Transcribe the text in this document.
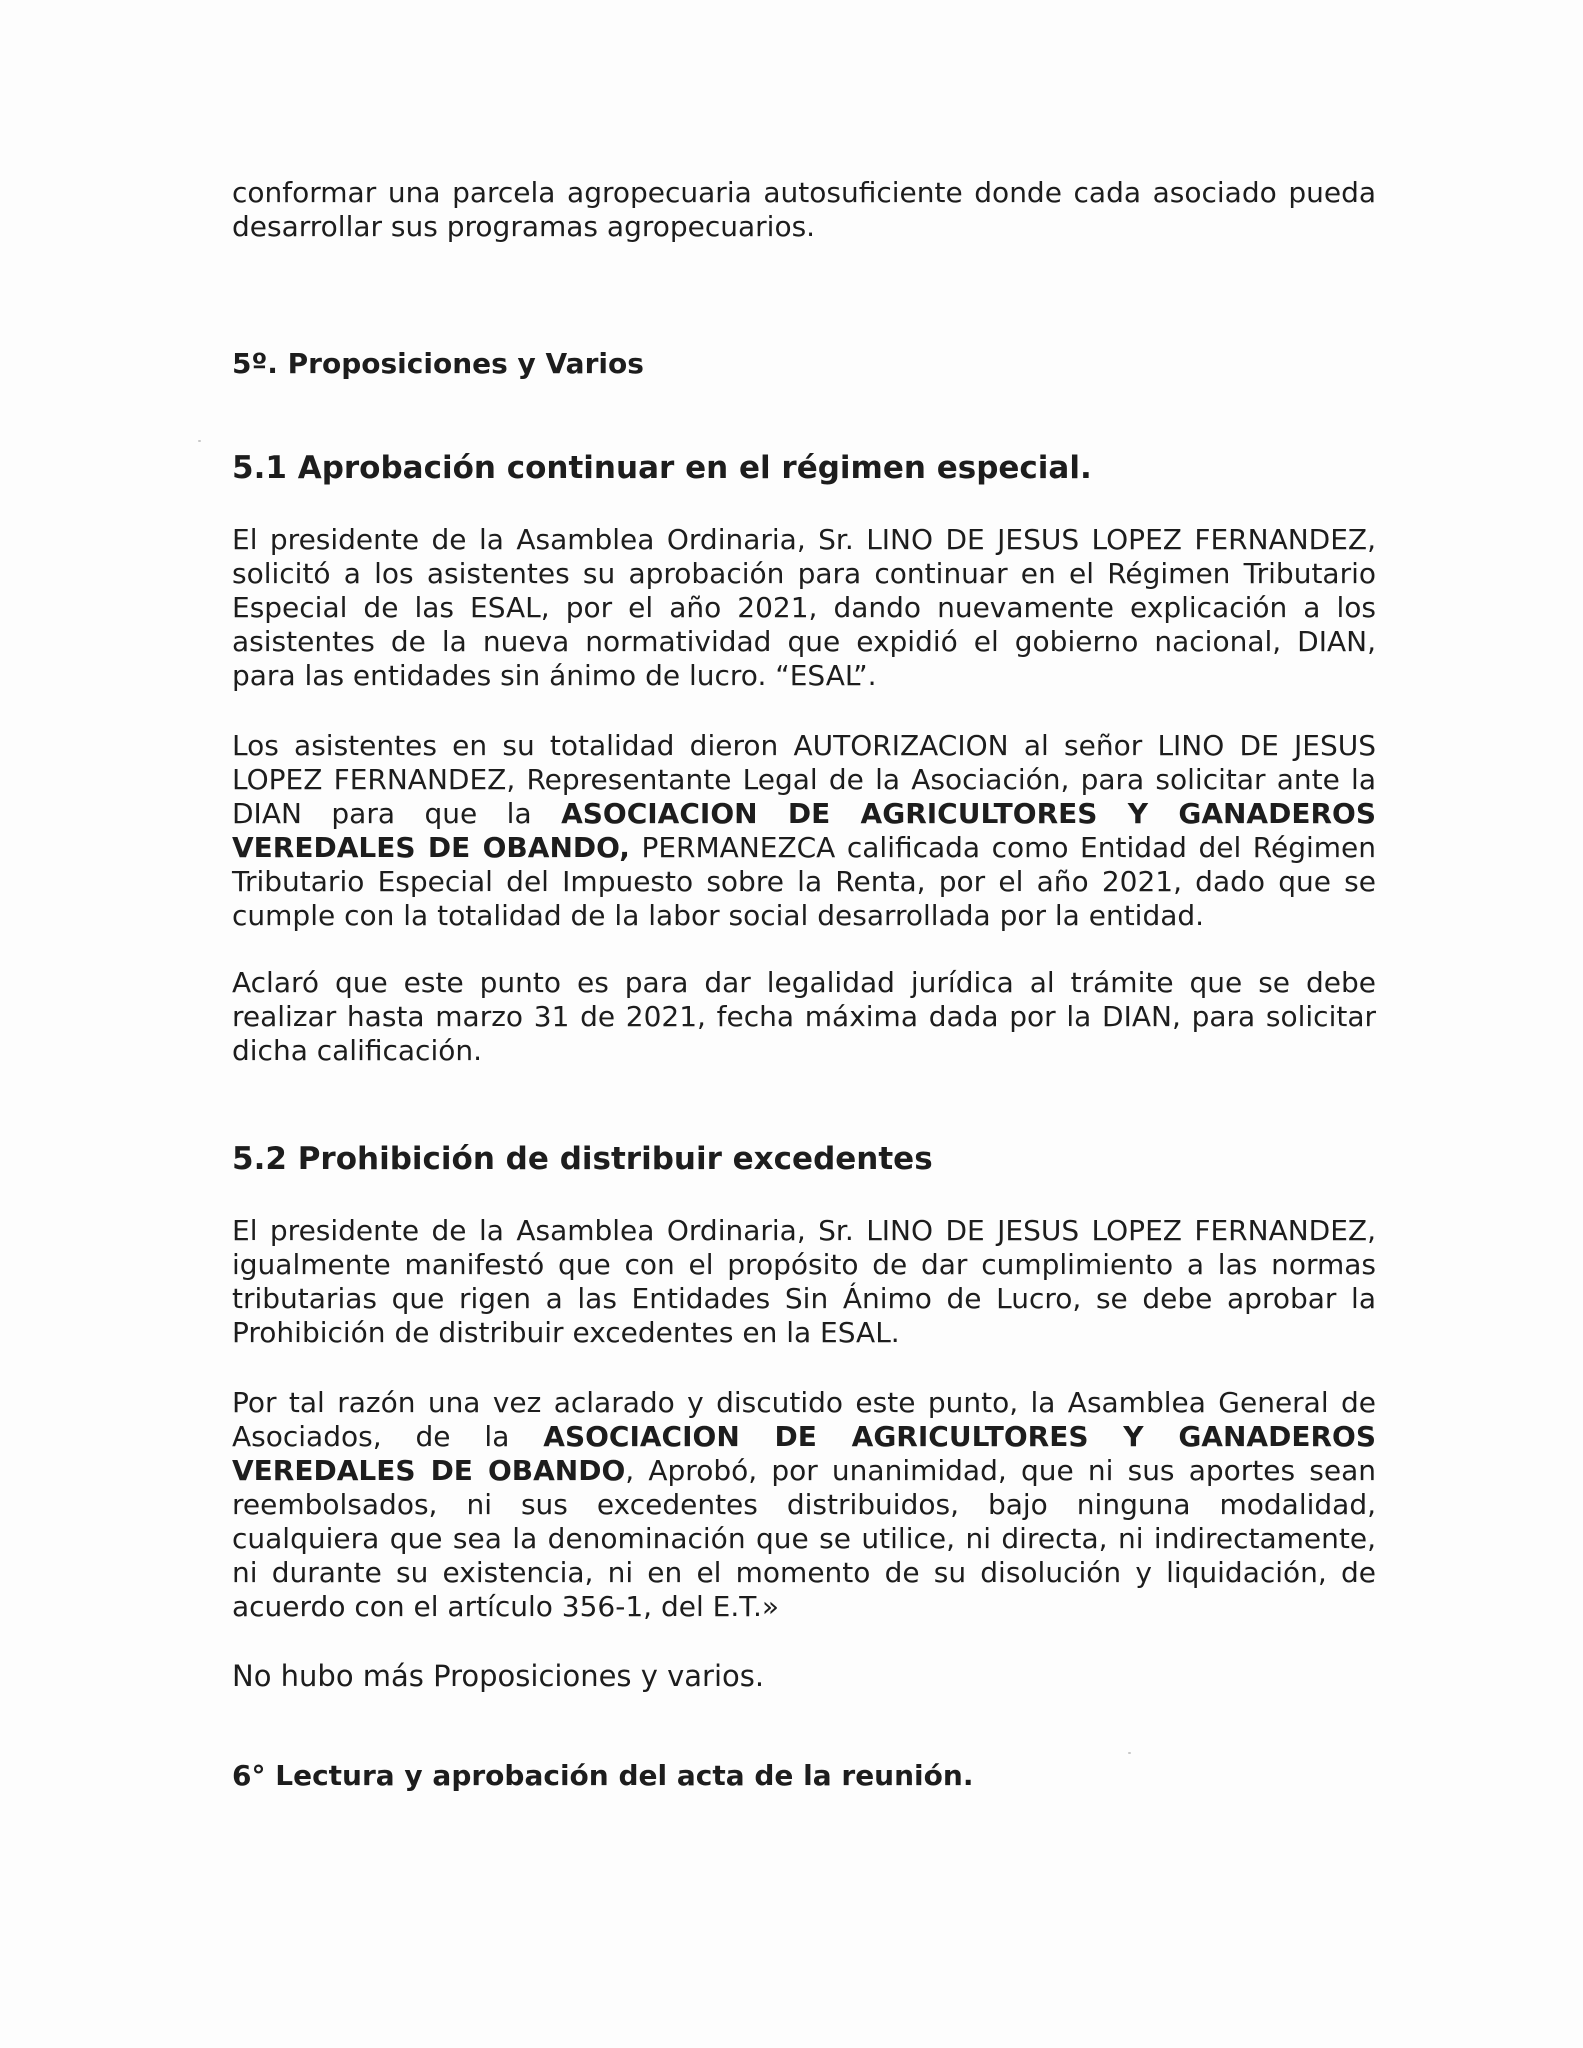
conformar una parcela agropecuaria autosuficiente donde cada asociado pueda desarrollar sus programas agropecuarios.

5º. Proposiciones y Varios
5.1 Aprobación continuar en el régimen especial.

El presidente de la Asamblea Ordinaria, Sr. LINO DE JESUS LOPEZ FERNANDEZ, solicitó a los asistentes su aprobación para continuar en el Régimen Tributario Especial de las ESAL, por el año 2021, dando nuevamente explicación a los asistentes de la nueva normatividad que expidió el gobierno nacional, DIAN, para las entidades sin ánimo de lucro. “ESAL”.

Los asistentes en su totalidad dieron AUTORIZACION al señor LINO DE JESUS LOPEZ FERNANDEZ, Representante Legal de la Asociación, para solicitar ante la DIAN para que la ASOCIACION DE AGRICULTORES Y GANADEROS VEREDALES DE OBANDO, PERMANEZCA calificada como Entidad del Régimen Tributario Especial del Impuesto sobre la Renta, por el año 2021, dado que se cumple con la totalidad de la labor social desarrollada por la entidad.

Aclaró que este punto es para dar legalidad jurídica al trámite que se debe realizar hasta marzo 31 de 2021, fecha máxima dada por la DIAN, para solicitar dicha calificación.

5.2 Prohibición de distribuir excedentes

El presidente de la Asamblea Ordinaria, Sr. LINO DE JESUS LOPEZ FERNANDEZ, igualmente manifestó que con el propósito de dar cumplimiento a las normas tributarias que rigen a las Entidades Sin Ánimo de Lucro, se debe aprobar la Prohibición de distribuir excedentes en la ESAL.

Por tal razón una vez aclarado y discutido este punto, la Asamblea General de Asociados, de la ASOCIACION DE AGRICULTORES Y GANADEROS VEREDALES DE OBANDO, Aprobó, por unanimidad, que ni sus aportes sean reembolsados, ni sus excedentes distribuidos, bajo ninguna modalidad, cualquiera que sea la denominación que se utilice, ni directa, ni indirectamente, ni durante su existencia, ni en el momento de su disolución y liquidación, de acuerdo con el artículo 356-1, del E.T.»

No hubo más Proposiciones y varios.

6° Lectura y aprobación del acta de la reunión.
